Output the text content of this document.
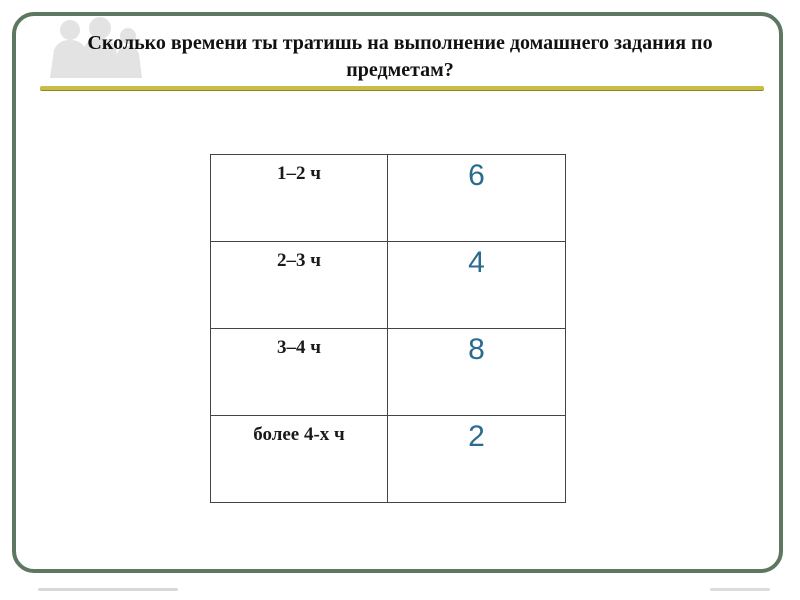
Сколько времени ты тратишь на выполнение домашнего задания по предметам?
1–2 ч	6

2–3 ч	4

3–4 ч	8

более 4-х ч	2
